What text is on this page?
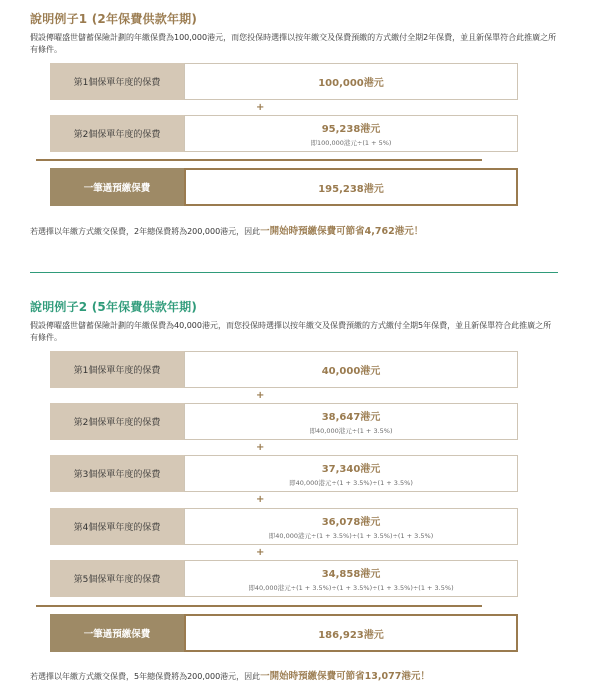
說明例子1 (2年保費供款年期)
假設傳曜盛世儲蓄保險計劃的年繳保費為100,000港元，而您投保時選擇以按年繳交及保費預繳的方式繳付全期2年保費，並且新保單符合此推廣之所有條件。
第1個保單年度的保費	100,000港元
+
第2個保單年度的保費	95,238港元
即100,000港元÷(1 + 5%)
一筆過預繳保費	195,238港元
若選擇以年繳方式繳交保費，2年總保費將為200,000港元，因此一開始時預繳保費可節省4,762港元！
說明例子2 (5年保費供款年期)
假設傳曜盛世儲蓄保險計劃的年繳保費為40,000港元，而您投保時選擇以按年繳交及保費預繳的方式繳付全期5年保費，並且新保單符合此推廣之所有條件。
第1個保單年度的保費	40,000港元
+
第2個保單年度的保費	38,647港元
即40,000港元÷(1 + 3.5%)
+
第3個保單年度的保費	37,340港元
即40,000港元÷(1 + 3.5%)÷(1 + 3.5%)
+
第4個保單年度的保費	36,078港元
即40,000港元÷(1 + 3.5%)÷(1 + 3.5%)÷(1 + 3.5%)
+
第5個保單年度的保費	34,858港元
即40,000港元÷(1 + 3.5%)÷(1 + 3.5%)÷(1 + 3.5%)÷(1 + 3.5%)
一筆過預繳保費	186,923港元
若選擇以年繳方式繳交保費，5年總保費將為200,000港元，因此一開始時預繳保費可節省13,077港元！
